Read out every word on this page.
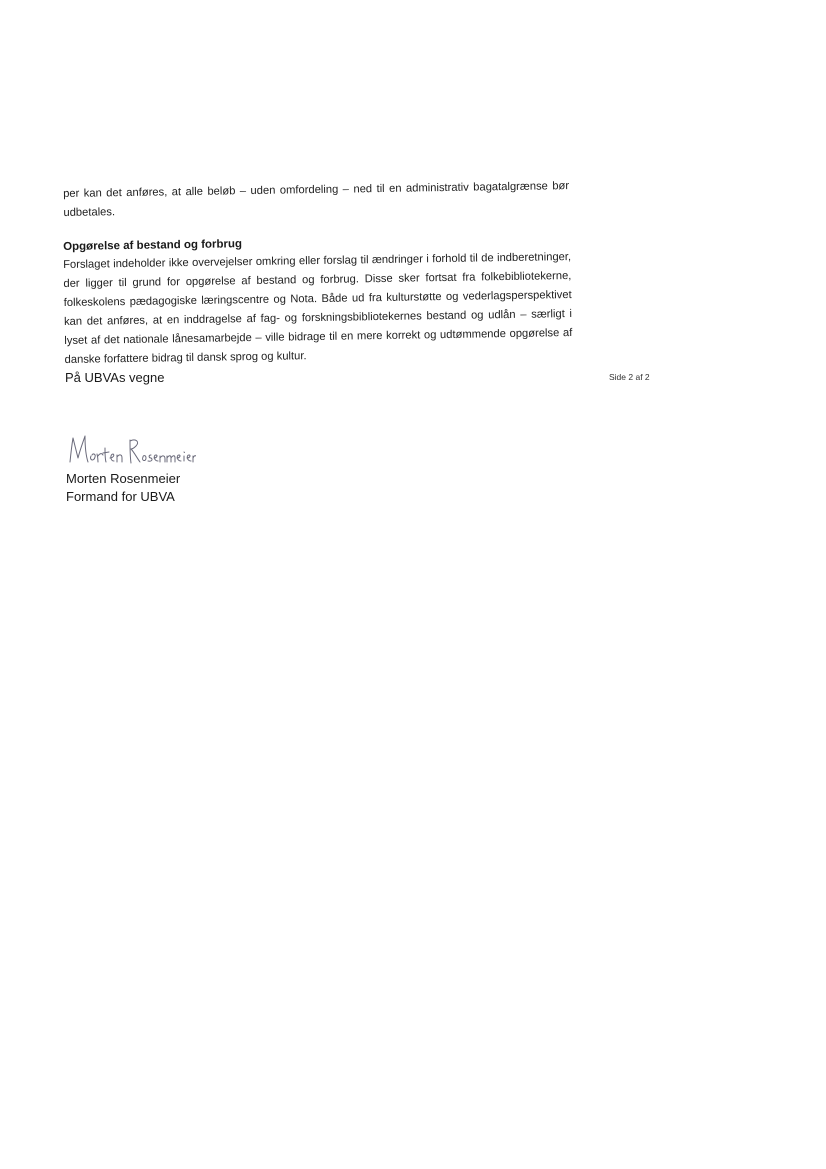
per kan det anføres, at alle beløb – uden omfordeling – ned til en administrativ bagatalgrænse bør udbetales.
Opgørelse af bestand og forbrug
Forslaget indeholder ikke overvejelser omkring eller forslag til ændringer i forhold til de indberetninger, der ligger til grund for opgørelse af bestand og forbrug. Disse sker fortsat fra folkebibliotekerne, folkeskolens pædagogiske læringscentre og Nota. Både ud fra kulturstøtte og vederlagsperspektivet kan det anføres, at en inddragelse af fag- og forskningsbibliotekernes bestand og udlån – særligt i lyset af det nationale lånesamarbejde – ville bidrage til en mere korrekt og udtømmende opgørelse af danske forfattere bidrag til dansk sprog og kultur.
På UBVAs vegne	Side 2 af 2
Morten Rosenmeier
Formand for UBVA
